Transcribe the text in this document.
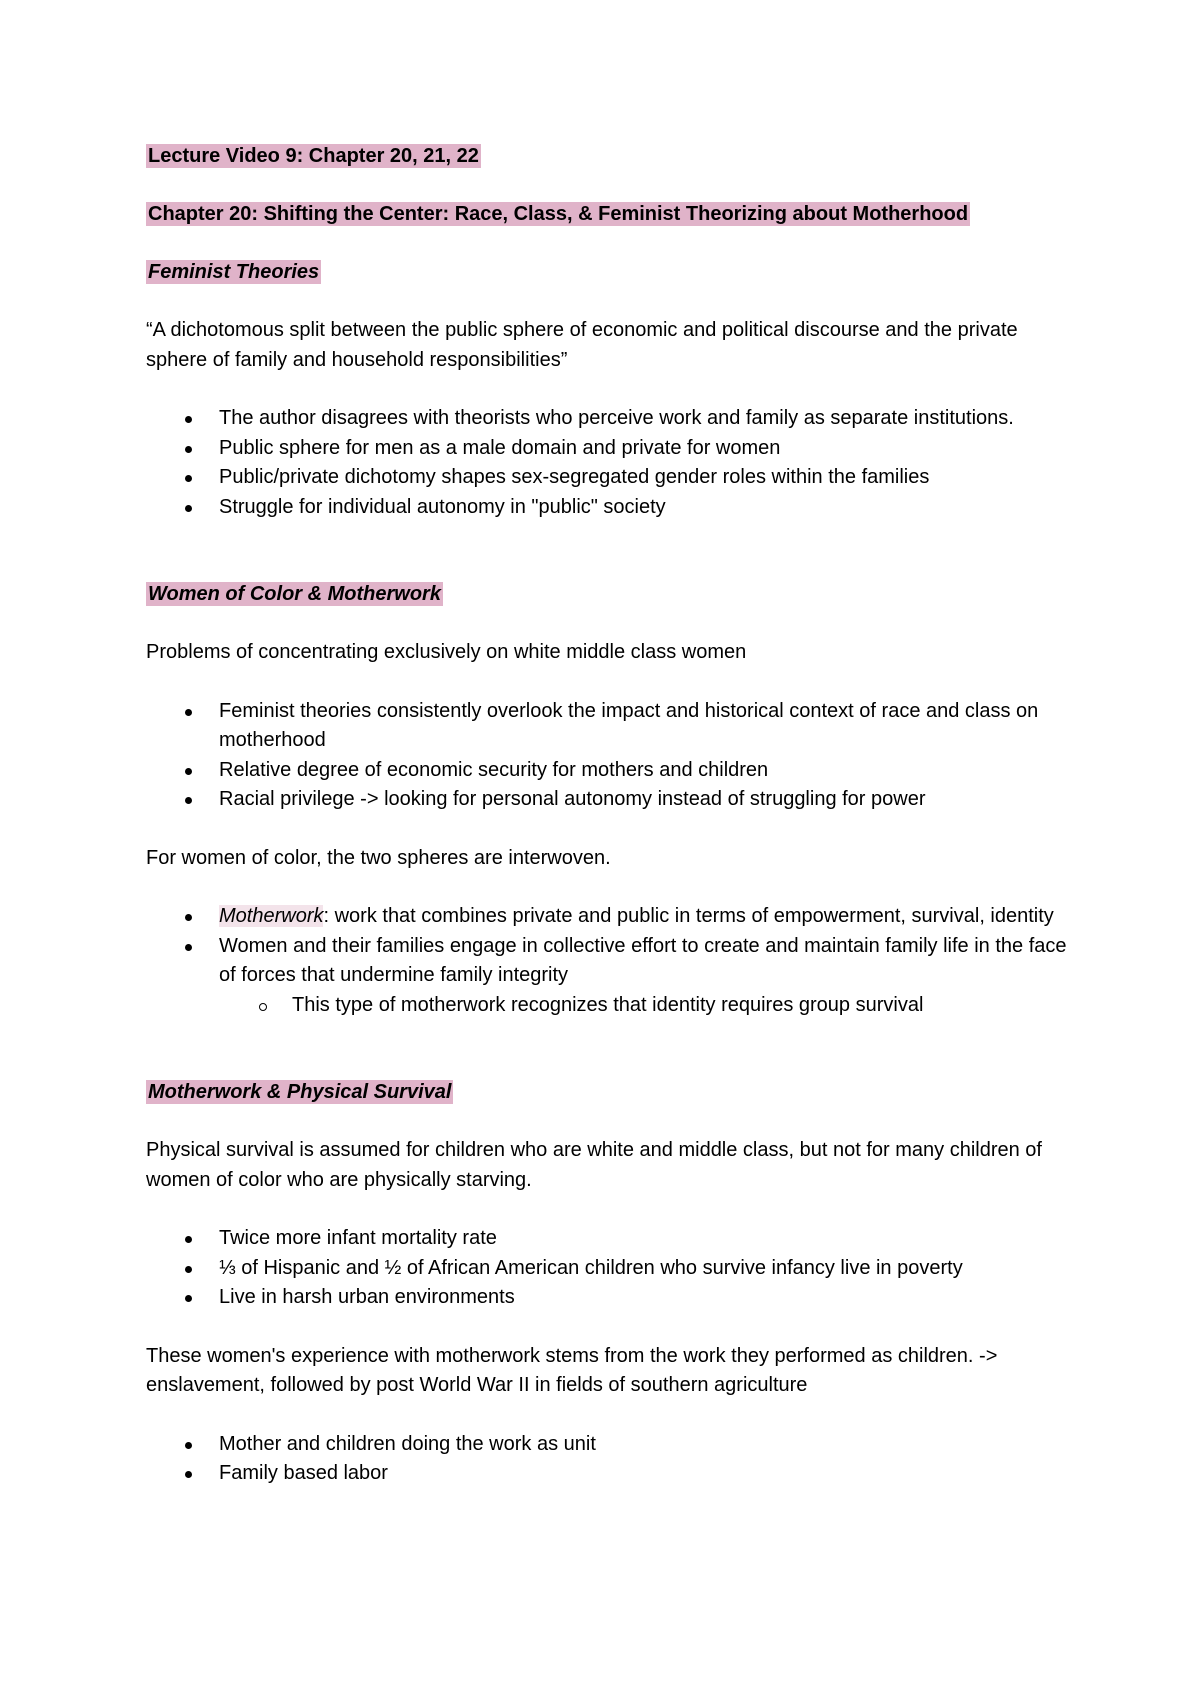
Lecture Video 9: Chapter 20, 21, 22
Chapter 20: Shifting the Center: Race, Class, & Feminist Theorizing about Motherhood
Feminist Theories
“A dichotomous split between the public sphere of economic and political discourse and the private sphere of family and household responsibilities”
The author disagrees with theorists who perceive work and family as separate institutions.
Public sphere for men as a male domain and private for women
Public/private dichotomy shapes sex-segregated gender roles within the families
Struggle for individual autonomy in "public" society
Women of Color & Motherwork
Problems of concentrating exclusively on white middle class women
Feminist theories consistently overlook the impact and historical context of race and class on motherhood
Relative degree of economic security for mothers and children
Racial privilege -> looking for personal autonomy instead of struggling for power
For women of color, the two spheres are interwoven.
Motherwork: work that combines private and public in terms of empowerment, survival, identity
Women and their families engage in collective effort to create and maintain family life in the face of forces that undermine family integrity
This type of motherwork recognizes that identity requires group survival
Motherwork & Physical Survival
Physical survival is assumed for children who are white and middle class, but not for many children of women of color who are physically starving.
Twice more infant mortality rate
⅓ of Hispanic and ½ of African American children who survive infancy live in poverty
Live in harsh urban environments
These women's experience with motherwork stems from the work they performed as children. -> enslavement, followed by post World War II in fields of southern agriculture
Mother and children doing the work as unit
Family based labor
